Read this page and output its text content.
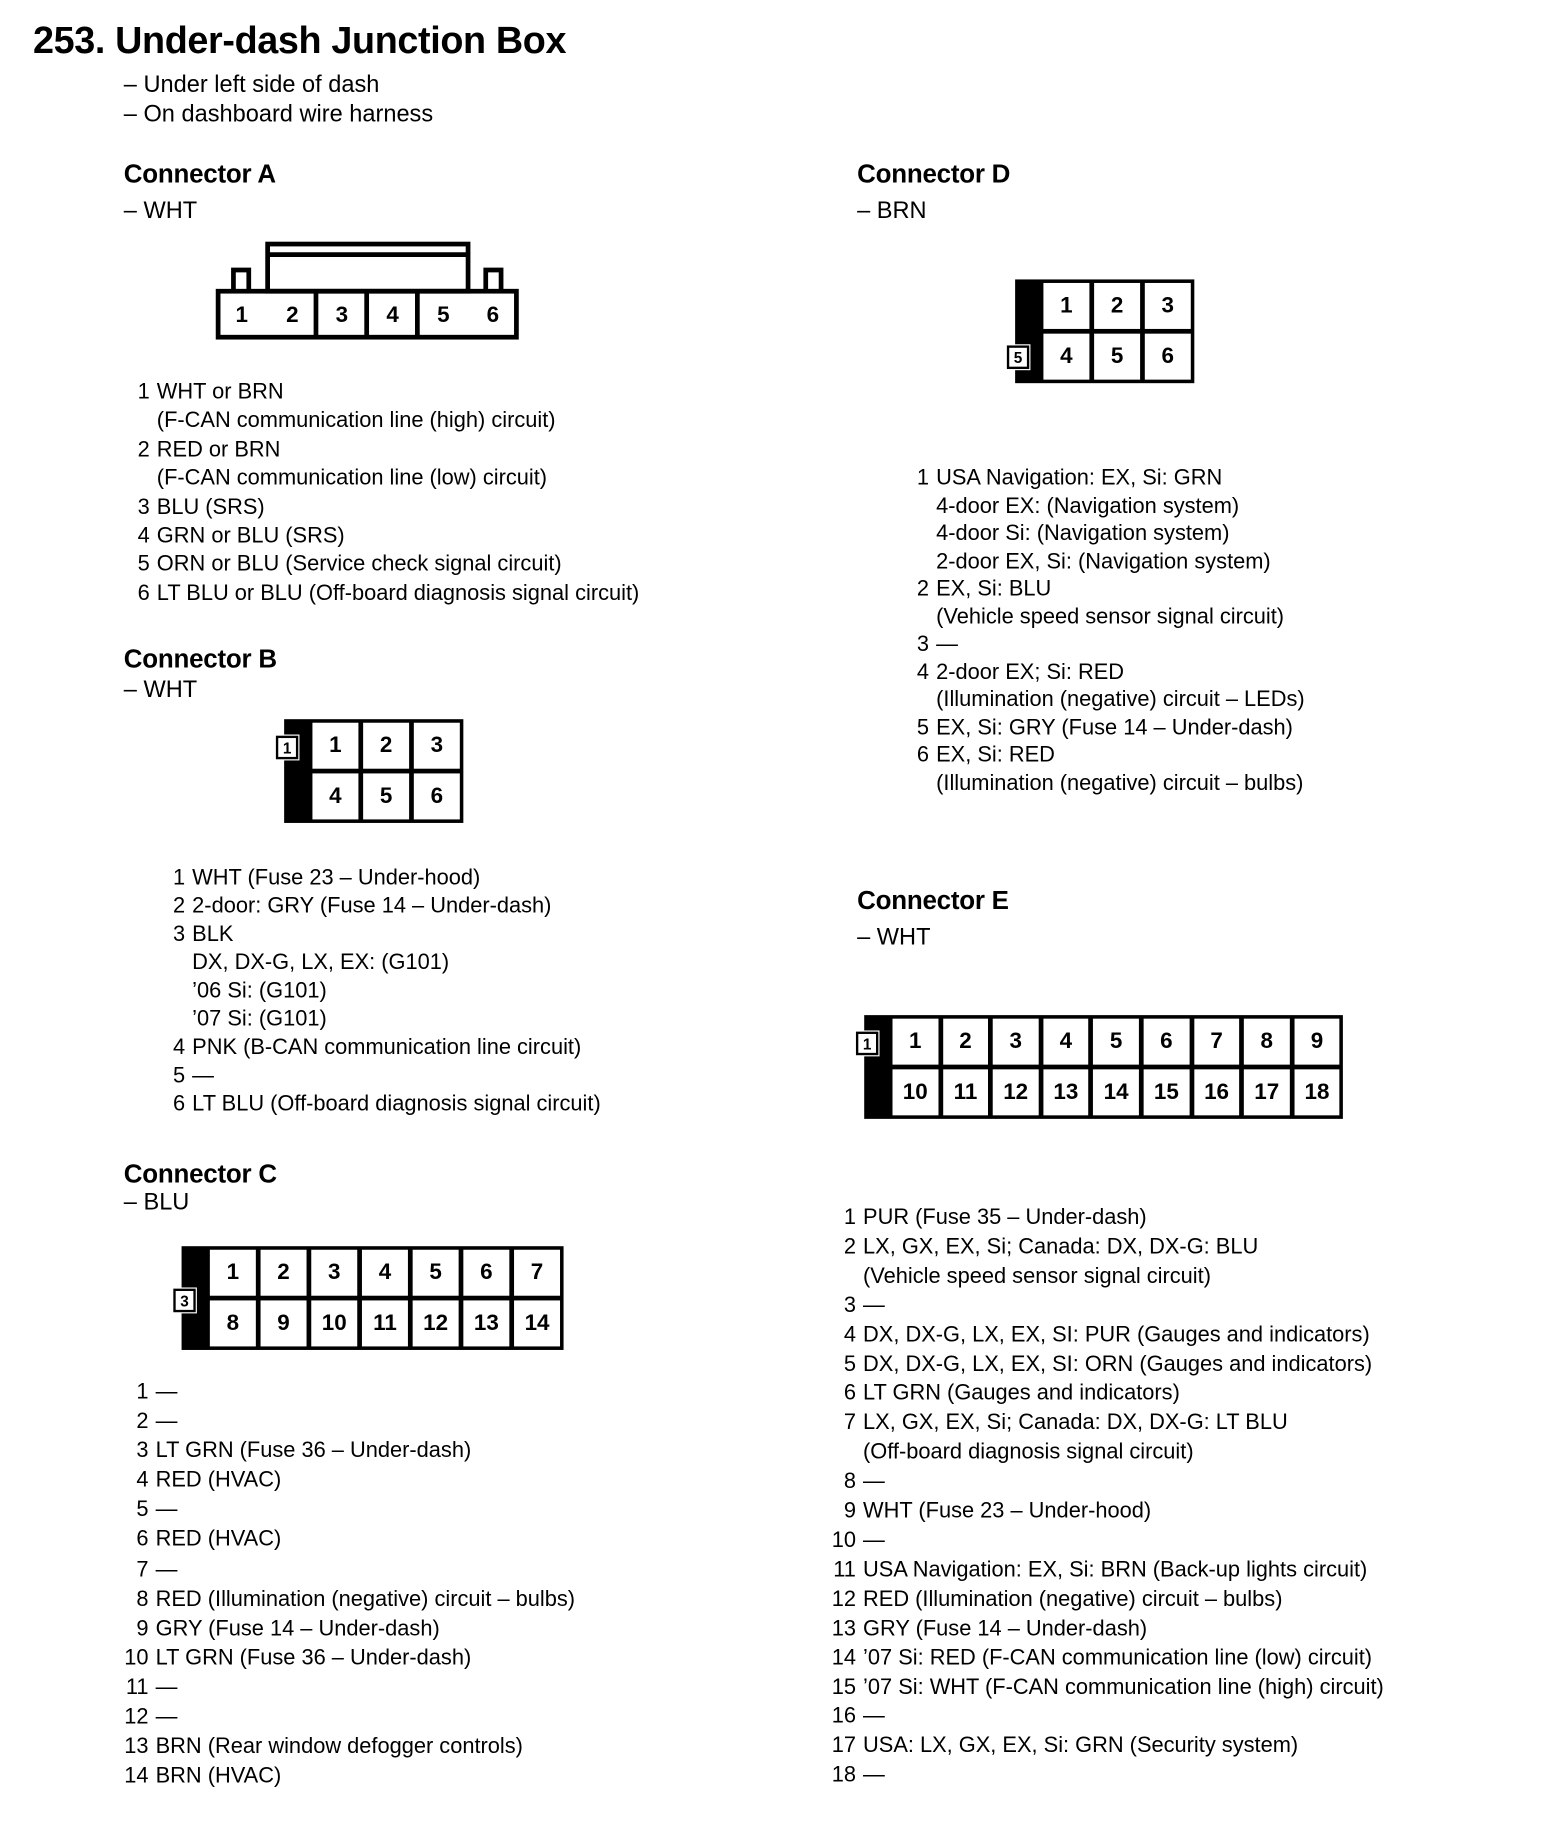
253. Under-dash Junction Box
– Under left side of dash
– On dashboard wire harness
Connector A
– WHT
1 2 3 4 5 6
1 WHT or BRN
(F-CAN communication line (high) circuit)
2 RED or BRN
(F-CAN communication line (low) circuit)
3 BLU (SRS)
4 GRN or BLU (SRS)
5 ORN or BLU (Service check signal circuit)
6 LT BLU or BLU (Off-board diagnosis signal circuit)
Connector B
– WHT
1	2	3
4	5	6
1
1 WHT (Fuse 23 – Under-hood)
2 2-door: GRY (Fuse 14 – Under-dash)
3 BLK
DX, DX-G, LX, EX: (G101)
’06 Si: (G101)
’07 Si: (G101)
4 PNK (B-CAN communication line circuit)
5 —
6 LT BLU (Off-board diagnosis signal circuit)
Connector C
– BLU
1	2	3	4	5	6	7
8	9	10	11	12	13	14
3
1 —
2 —
3 LT GRN (Fuse 36 – Under-dash)
4 RED (HVAC)
5 —
6 RED (HVAC)
7 —
8 RED (Illumination (negative) circuit – bulbs)
9 GRY (Fuse 14 – Under-dash)
10 LT GRN (Fuse 36 – Under-dash)
11 —
12 —
13 BRN (Rear window defogger controls)
14 BRN (HVAC)
Connector D
– BRN
1	2	3
4	5	6
5
1 USA Navigation: EX, Si: GRN
4-door EX: (Navigation system)
4-door Si: (Navigation system)
2-door EX, Si: (Navigation system)
2 EX, Si: BLU
(Vehicle speed sensor signal circuit)
3 —
4 2-door EX; Si: RED
(Illumination (negative) circuit – LEDs)
5 EX, Si: GRY (Fuse 14 – Under-dash)
6 EX, Si: RED
(Illumination (negative) circuit – bulbs)
Connector E
– WHT
1	2	3	4	5	6	7	8	9
10	11	12	13	14	15	16	17	18
1
1 PUR (Fuse 35 – Under-dash)
2 LX, GX, EX, Si; Canada: DX, DX-G: BLU
(Vehicle speed sensor signal circuit)
3 —
4 DX, DX-G, LX, EX, SI: PUR (Gauges and indicators)
5 DX, DX-G, LX, EX, SI: ORN (Gauges and indicators)
6 LT GRN (Gauges and indicators)
7 LX, GX, EX, Si; Canada: DX, DX-G: LT BLU
(Off-board diagnosis signal circuit)
8 —
9 WHT (Fuse 23 – Under-hood)
10 —
11 USA Navigation: EX, Si: BRN (Back-up lights circuit)
12 RED (Illumination (negative) circuit – bulbs)
13 GRY (Fuse 14 – Under-dash)
14 ’07 Si: RED (F-CAN communication line (low) circuit)
15 ’07 Si: WHT (F-CAN communication line (high) circuit)
16 —
17 USA: LX, GX, EX, Si: GRN (Security system)
18 —
